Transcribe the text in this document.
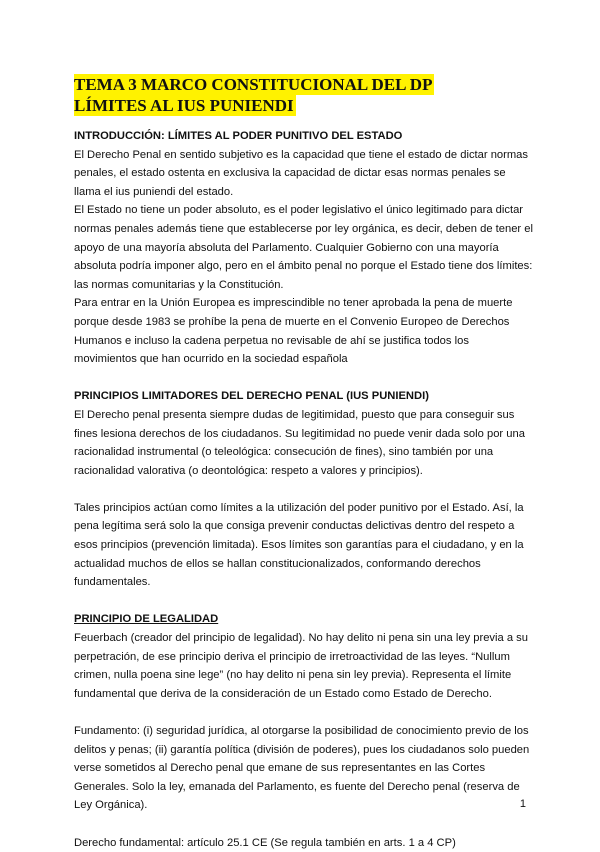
TEMA 3 MARCO CONSTITUCIONAL DEL DP
LÍMITES AL IUS PUNIENDI

INTRODUCCIÓN: LÍMITES AL PODER PUNITIVO DEL ESTADO

El Derecho Penal en sentido subjetivo es la capacidad que tiene el estado de dictar normas penales, el estado ostenta en exclusiva la capacidad de dictar esas normas penales se llama el ius puniendi del estado.

El Estado no tiene un poder absoluto, es el poder legislativo el único legitimado para dictar normas penales además tiene que establecerse por ley orgánica, es decir, deben de tener el apoyo de una mayoría absoluta del Parlamento. Cualquier Gobierno con una mayoría absoluta podría imponer algo, pero en el ámbito penal no porque el Estado tiene dos límites: las normas comunitarias y la Constitución.

Para entrar en la Unión Europea es imprescindible no tener aprobada la pena de muerte porque desde 1983 se prohíbe la pena de muerte en el Convenio Europeo de Derechos Humanos e incluso la cadena perpetua no revisable de ahí se justifica todos los movimientos que han ocurrido en la sociedad española

PRINCIPIOS LIMITADORES DEL DERECHO PENAL (IUS PUNIENDI)

El Derecho penal presenta siempre dudas de legitimidad, puesto que para conseguir sus fines lesiona derechos de los ciudadanos. Su legitimidad no puede venir dada solo por una racionalidad instrumental (o teleológica: consecución de fines), sino también por una racionalidad valorativa (o deontológica: respeto a valores y principios).

Tales principios actúan como límites a la utilización del poder punitivo por el Estado. Así, la pena legítima será solo la que consiga prevenir conductas delictivas dentro del respeto a esos principios (prevención limitada). Esos límites son garantías para el ciudadano, y en la actualidad muchos de ellos se hallan constitucionalizados, conformando derechos fundamentales.

PRINCIPIO DE LEGALIDAD

Feuerbach (creador del principio de legalidad). No hay delito ni pena sin una ley previa a su perpetración, de ese principio deriva el principio de irretroactividad de las leyes. “Nullum crimen, nulla poena sine lege” (no hay delito ni pena sin ley previa). Representa el límite fundamental que deriva de la consideración de un Estado como Estado de Derecho.

Fundamento: (i) seguridad jurídica, al otorgarse la posibilidad de conocimiento previo de los delitos y penas; (ii) garantía política (división de poderes), pues los ciudadanos solo pueden verse sometidos al Derecho penal que emane de sus representantes en las Cortes Generales. Solo la ley, emanada del Parlamento, es fuente del Derecho penal (reserva de Ley Orgánica).

Derecho fundamental: artículo 25.1 CE (Se regula también en arts. 1 a 4 CP)

1
